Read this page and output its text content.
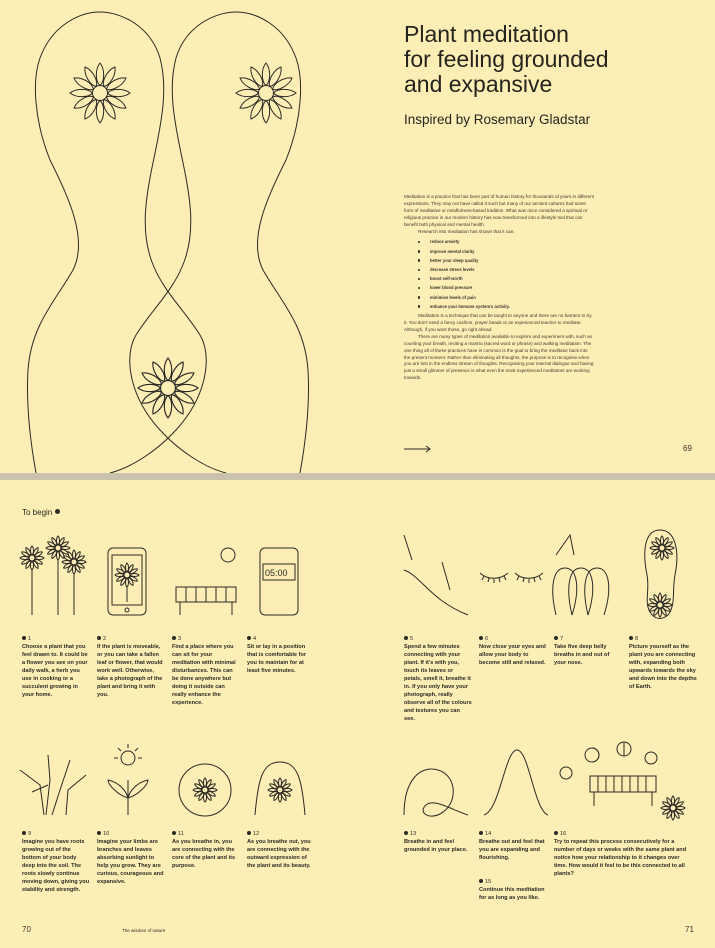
Plant meditation
for feeling grounded
and expansive
Inspired by Rosemary Gladstar

Meditation is a practice that has been part of human history for thousands of years in different expressions. They may not have called it such but many of our ancient cultures had some form of meditative or mindfulness-based tradition. What was once considered a spiritual or religious practice in our modern history has now transformed into a lifestyle tool that can benefit both physical and mental health.

Research into meditation has shown that it can:

reduce anxiety
improve mental clarity
better your sleep quality
decrease stress levels
boost self-worth
lower blood pressure
minimise levels of pain
enhance your immune system's activity.

Meditation is a technique that can be taught to anyone and there are no barriers to try it. You don't need a fancy cushion, prayer beads or an experienced teacher to meditate. Although, if you want those, go right ahead.

There are many types of meditation available to explore and experiment with, such as counting your breath, reciting a mantra (sacred word or phrase) and walking meditation. The one thing all of these practices have in common is the goal to bring the meditator back into the present moment. Rather than eliminating all thoughts, the purpose is to recognise when you are lost in the endless stream of thoughts. Recognising your internal dialogue and having just a small glimmer of presence is what even the most experienced meditators are working towards.

69
To begin
05:00
1
Choose a plant that you feel drawn to. It could be a flower you see on your daily walk, a herb you use in cooking or a succulent growing in your home.
2
If the plant is moveable, or you can take a fallen leaf or flower, that would work well. Otherwise, take a photograph of the plant and bring it with you.
3
Find a place where you can sit for your meditation with minimal disturbances. This can be done anywhere but doing it outside can really enhance the experience.
4
Sit or lay in a position that is comfortable for you to maintain for at least five minutes.
5
Spend a few minutes connecting with your plant. If it's with you, touch its leaves or petals, smell it, breathe it in. If you only have your photograph, really observe all of the colours and textures you can see.
6
Now close your eyes and allow your body to become still and relaxed.
7
Take five deep belly breaths in and out of your nose.
8
Picture yourself as the plant you are connecting with, expanding both upwards towards the sky and down into the depths of Earth.
9
Imagine you have roots growing out of the bottom of your body deep into the soil. The roots slowly continue moving down, giving you stability and strength.
10
Imagine your limbs are branches and leaves absorbing sunlight to help you grow. They are curious, courageous and expansive.
11
As you breathe in, you are connecting with the core of the plant and its purpose.
12
As you breathe out, you are connecting with the outward expression of the plant and its beauty.
13
Breathe in and feel grounded in your place.
14
Breathe out and feel that you are expanding and flourishing.
15
Continue this meditation for as long as you like.
16
Try to repeat this process consecutively for a number of days or weeks with the same plant and notice how your relationship to it changes over time. How would it feel to be this connected to all plants?
70	The wisdom of nature	71
